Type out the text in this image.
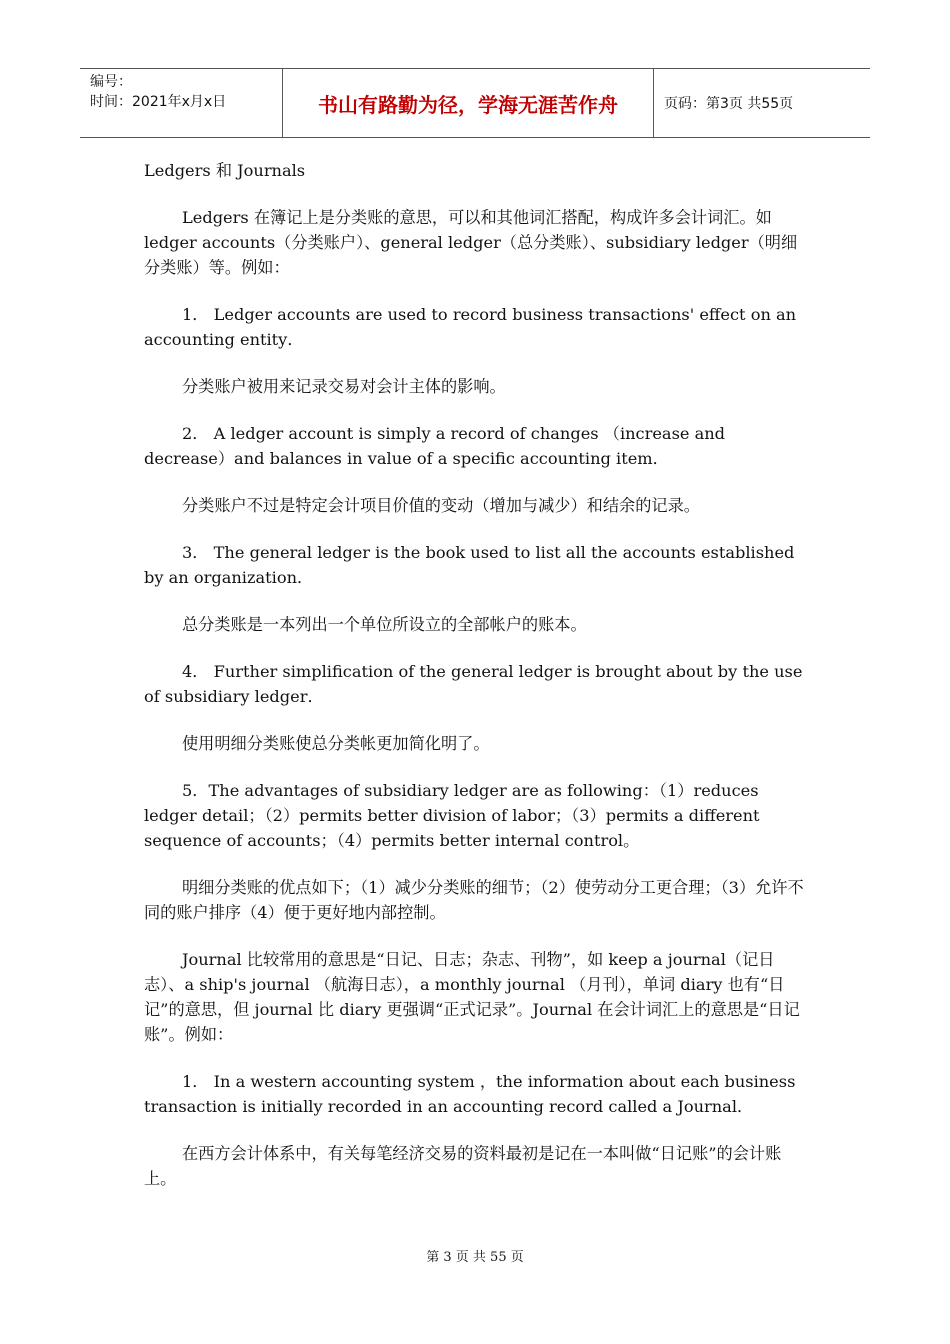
编号：
时间：2021年x月x日	书山有路勤为径，学海无涯苦作舟	页码：第3页 共55页

Ledgers 和 Journals

Ledgers 在簿记上是分类账的意思，可以和其他词汇搭配，构成许多会计词汇。如 ledger accounts（分类账户）、general ledger（总分类账）、subsidiary ledger（明细分类账）等。例如：

1． Ledger accounts are used to record business transactions' effect on an accounting entity．

分类账户被用来记录交易对会计主体的影响。

2． A ledger account is simply a record of changes （increase and decrease）and balances in value of a specific accounting item．

分类账户不过是特定会计项目价值的变动（增加与减少）和结余的记录。

3． The general ledger is the book used to list all the accounts established by an organization．

总分类账是一本列出一个单位所设立的全部帐户的账本。

4． Further simplification of the general ledger is brought about by the use of subsidiary ledger．

使用明细分类账使总分类帐更加简化明了。

5．The advantages of subsidiary ledger are as following：（1）reduces ledger detail；（2）permits better division of labor；（3）permits a different sequence of accounts；（4）permits better internal control。

明细分类账的优点如下；（1）减少分类账的细节；（2）使劳动分工更合理；（3）允许不同的账户排序（4）便于更好地内部控制。

Journal 比较常用的意思是“日记、日志；杂志、刊物”，如 keep a journal（记日志）、a ship's journal （航海日志），a monthly journal （月刊），单词 diary 也有“日记”的意思，但 journal 比 diary 更强调“正式记录”。Journal 在会计词汇上的意思是“日记账”。例如：

1． In a western accounting system ，the information about each business transaction is initially recorded in an accounting record called a Journal．

在西方会计体系中，有关每笔经济交易的资料最初是记在一本叫做“日记账”的会计账上。

第 3 页 共 55 页
